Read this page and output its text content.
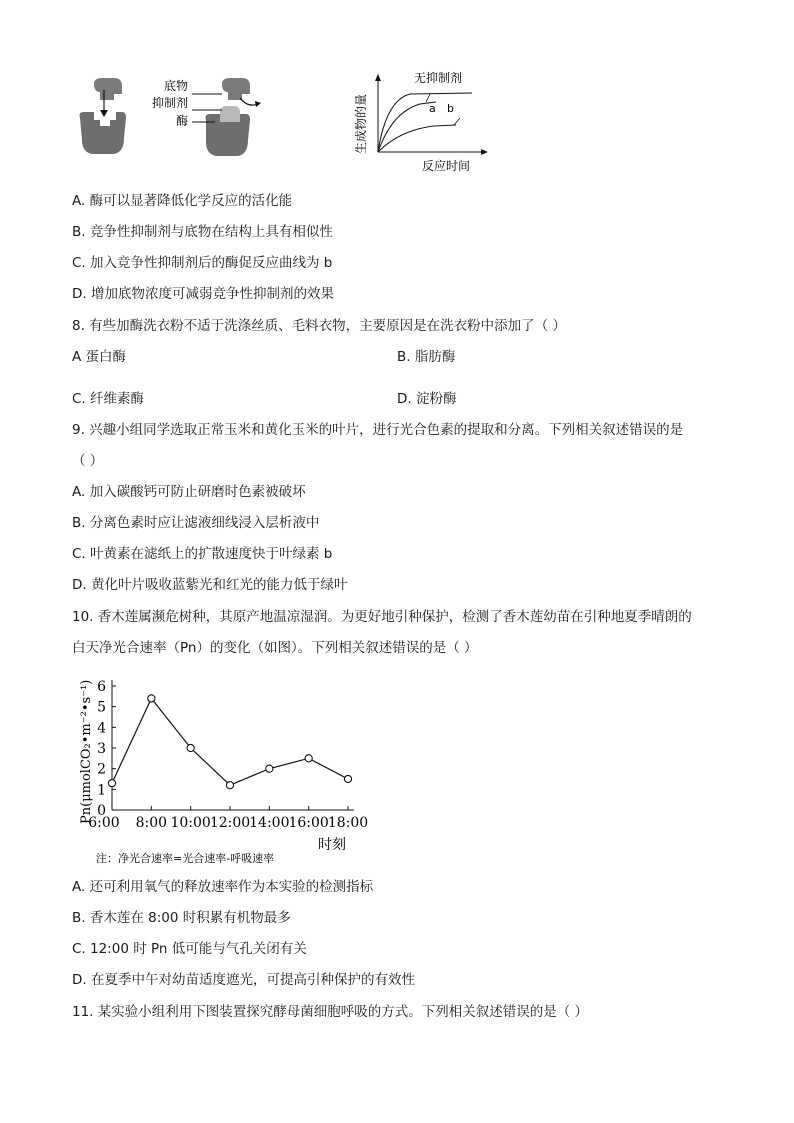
底物
抑制剂
酶
无抑制剂
a b
生成物的量
反应时间
A. 酶可以显著降低化学反应的活化能
B. 竞争性抑制剂与底物在结构上具有相似性
C. 加入竞争性抑制剂后的酶促反应曲线为 b
D. 增加底物浓度可减弱竞争性抑制剂的效果
8. 有些加酶洗衣粉不适于洗涤丝质、毛料衣物，主要原因是在洗衣粉中添加了（ ）
A 蛋白酶	B. 脂肪酶
C. 纤维素酶	D. 淀粉酶
9. 兴趣小组同学选取正常玉米和黄化玉米的叶片，进行光合色素的提取和分离。下列相关叙述错误的是
（ ）
A. 加入碳酸钙可防止研磨时色素被破坏
B. 分离色素时应让滤液细线浸入层析液中
C. 叶黄素在滤纸上的扩散速度快于叶绿素 b
D. 黄化叶片吸收蓝紫光和红光的能力低于绿叶
10. 香木莲属濒危树种，其原产地温凉湿润。为更好地引种保护，检测了香木莲幼苗在引种地夏季晴朗的
白天净光合速率（Pn）的变化（如图）。下列相关叙述错误的是（ ）
Pn(μmolCO₂•m⁻²•s⁻¹) 0
1
2
3
4
5
6
6:00 8:00 10:00
12:00
14:00
16:00
18:00
时刻
注：净光合速率=光合速率-呼吸速率
A. 还可利用氧气的释放速率作为本实验的检测指标
B. 香木莲在 8:00 时积累有机物最多
C. 12:00 时 Pn 低可能与气孔关闭有关
D. 在夏季中午对幼苗适度遮光，可提高引种保护的有效性
11. 某实验小组利用下图装置探究酵母菌细胞呼吸的方式。下列相关叙述错误的是（ ）
